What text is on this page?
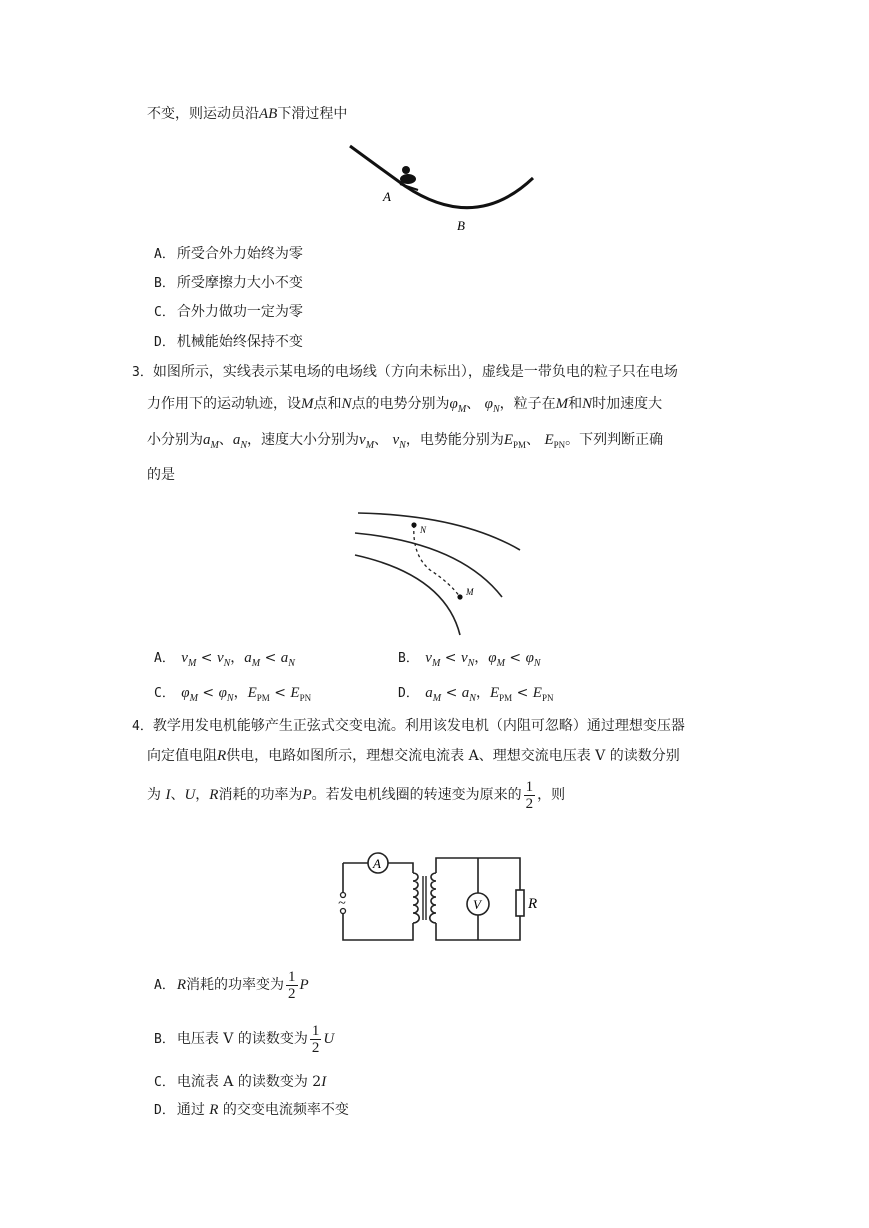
不变，则运动员沿AB下滑过程中
A
B
A． 所受合外力始终为零
B． 所受摩擦力大小不变
C． 合外力做功一定为零
D． 机械能始终保持不变
3．如图所示，实线表示某电场的电场线（方向未标出），虚线是一带负电的粒子只在电场
力作用下的运动轨迹，设M点和N点的电势分别为$\varphi_M$、 $\varphi_N$，粒子在M和N时加速度大
小分别为$a_M$、$a_N$，速度大小分别为$v_M$、 $v_N$，电势能分别为$E_{PM}$、 $E_{PN}$。下列判断正确
的是
N
M
A． $v_M < v_N$，$a_M < a_N$	B． $v_M < v_N$，$\varphi_M < \varphi_N$
C． $\varphi_M < \varphi_N$，$E_{PM} < E_{PN}$	D． $a_M < a_N$，$E_{PM} < E_{PN}$
4．教学用发电机能够产生正弦式交变电流。利用该发电机（内阻可忽略）通过理想变压器
向定值电阻R供电，电路如图所示，理想交流电流表 A、理想交流电压表 V 的读数分别
为 I、U，R消耗的功率为P。若发电机线圈的转速变为原来的 $\frac{1}{2}$ ，则
A
~	V	R
A． R消耗的功率变为 $\frac{1}{2}$ P
B． 电压表 V 的读数变为 $\frac{1}{2}$ U
C． 电流表 A 的读数变为 2I
D． 通过 R 的交变电流频率不变
